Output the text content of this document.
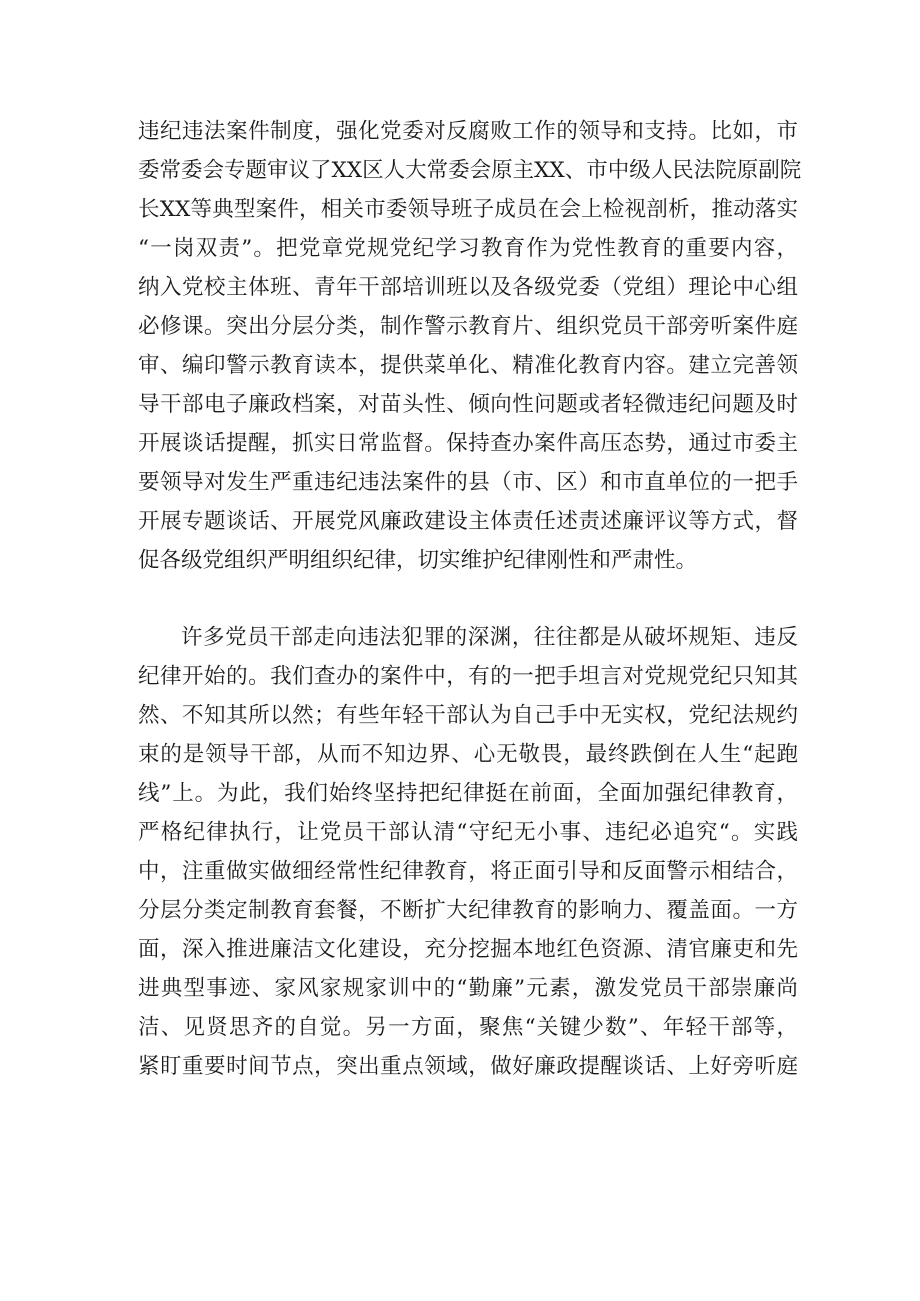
违纪违法案件制度，强化党委对反腐败工作的领导和支持。比如，市
委常委会专题审议了XX区人大常委会原主XX、市中级人民法院原副院
长XX等典型案件，相关市委领导班子成员在会上检视剖析，推动落实
“一岗双责”。把党章党规党纪学习教育作为党性教育的重要内容，
纳入党校主体班、青年干部培训班以及各级党委（党组）理论中心组
必修课。突出分层分类，制作警示教育片、组织党员干部旁听案件庭
审、编印警示教育读本，提供菜单化、精准化教育内容。建立完善领
导干部电子廉政档案，对苗头性、倾向性问题或者轻微违纪问题及时
开展谈话提醒，抓实日常监督。保持查办案件高压态势，通过市委主
要领导对发生严重违纪违法案件的县（市、区）和市直单位的一把手
开展专题谈话、开展党风廉政建设主体责任述责述廉评议等方式，督
促各级党组织严明组织纪律，切实维护纪律刚性和严肃性。
许多党员干部走向违法犯罪的深渊，往往都是从破坏规矩、违反
纪律开始的。我们查办的案件中，有的一把手坦言对党规党纪只知其
然、不知其所以然；有些年轻干部认为自己手中无实权，党纪法规约
束的是领导干部，从而不知边界、心无敬畏，最终跌倒在人生“起跑
线”上。为此，我们始终坚持把纪律挺在前面，全面加强纪律教育，
严格纪律执行，让党员干部认清“守纪无小事、违纪必追究“。实践
中，注重做实做细经常性纪律教育，将正面引导和反面警示相结合，
分层分类定制教育套餐，不断扩大纪律教育的影响力、覆盖面。一方
面，深入推进廉洁文化建设，充分挖掘本地红色资源、清官廉吏和先
进典型事迹、家风家规家训中的“勤廉”元素，激发党员干部崇廉尚
洁、见贤思齐的自觉。另一方面，聚焦“关键少数”、年轻干部等，
紧盯重要时间节点，突出重点领域，做好廉政提醒谈话、上好旁听庭
